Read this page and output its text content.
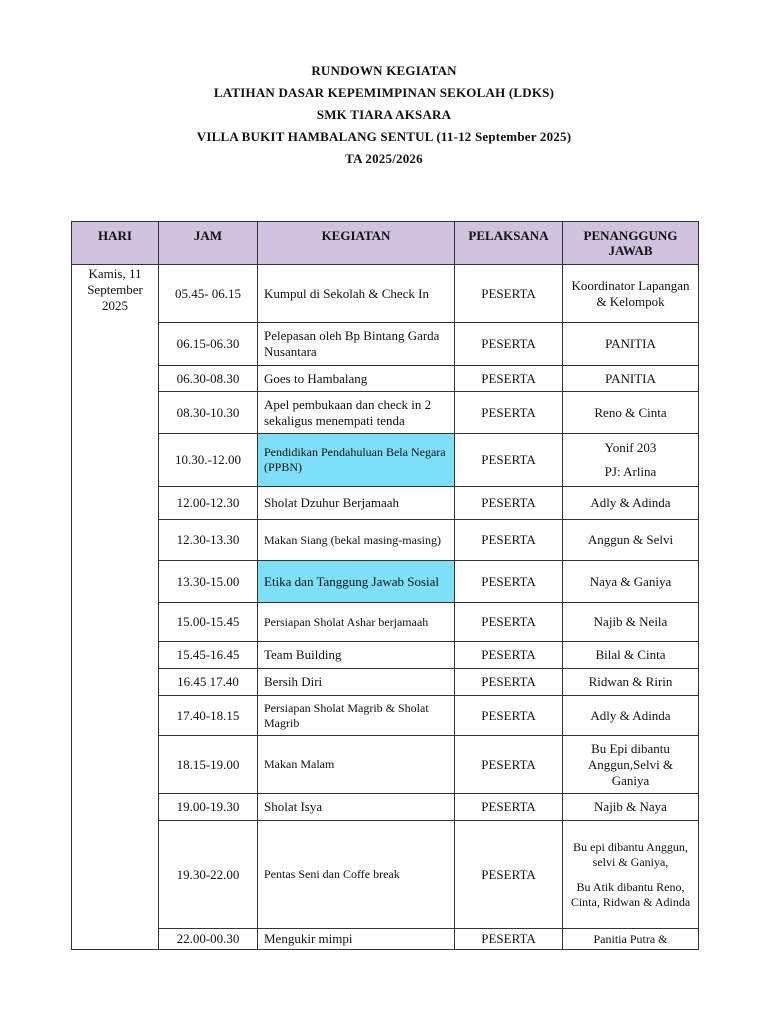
RUNDOWN KEGIATAN
LATIHAN DASAR KEPEMIMPINAN SEKOLAH (LDKS)
SMK TIARA AKSARA
VILLA BUKIT HAMBALANG SENTUL (11-12 September 2025)
TA 2025/2026
HARI	JAM	KEGIATAN	PELAKSANA	PENANGGUNG JAWAB
Kamis, 11 September 2025	05.45- 06.15	Kumpul di Sekolah & Check In	PESERTA	Koordinator Lapangan & Kelompok
	06.15-06.30	Pelepasan oleh Bp Bintang Garda Nusantara	PESERTA	PANITIA
	06.30-08.30	Goes to Hambalang	PESERTA	PANITIA
	08.30-10.30	Apel pembukaan dan check in 2 sekaligus menempati tenda	PESERTA	Reno & Cinta
	10.30.-12.00	Pendidikan Pendahuluan Bela Negara (PPBN)	PESERTA	Yonif 203
PJ: Arlina

	12.00-12.30	Sholat Dzuhur Berjamaah	PESERTA	Adly & Adinda
	12.30-13.30	Makan Siang (bekal masing-masing)	PESERTA	Anggun & Selvi
	13.30-15.00	Etika dan Tanggung Jawab Sosial	PESERTA	Naya & Ganiya
	15.00-15.45	Persiapan Sholat Ashar berjamaah	PESERTA	Najib & Neila
	15.45-16.45	Team Building	PESERTA	Bilal & Cinta
	16.45 17.40	Bersih Diri	PESERTA	Ridwan & Ririn
	17.40-18.15	Persiapan Sholat Magrib & Sholat Magrib	PESERTA	Adly & Adinda
	18.15-19.00	Makan Malam	PESERTA	Bu Epi dibantu Anggun,Selvi & Ganiya
	19.00-19.30	Sholat Isya	PESERTA	Najib & Naya
	19.30-22.00	Pentas Seni dan Coffe break	PESERTA	Bu epi dibantu Anggun, selvi & Ganiya,
Bu Atik dibantu Reno, Cinta, Ridwan & Adinda

	22.00-00.30	Mengukir mimpi	PESERTA	Panitia Putra &
